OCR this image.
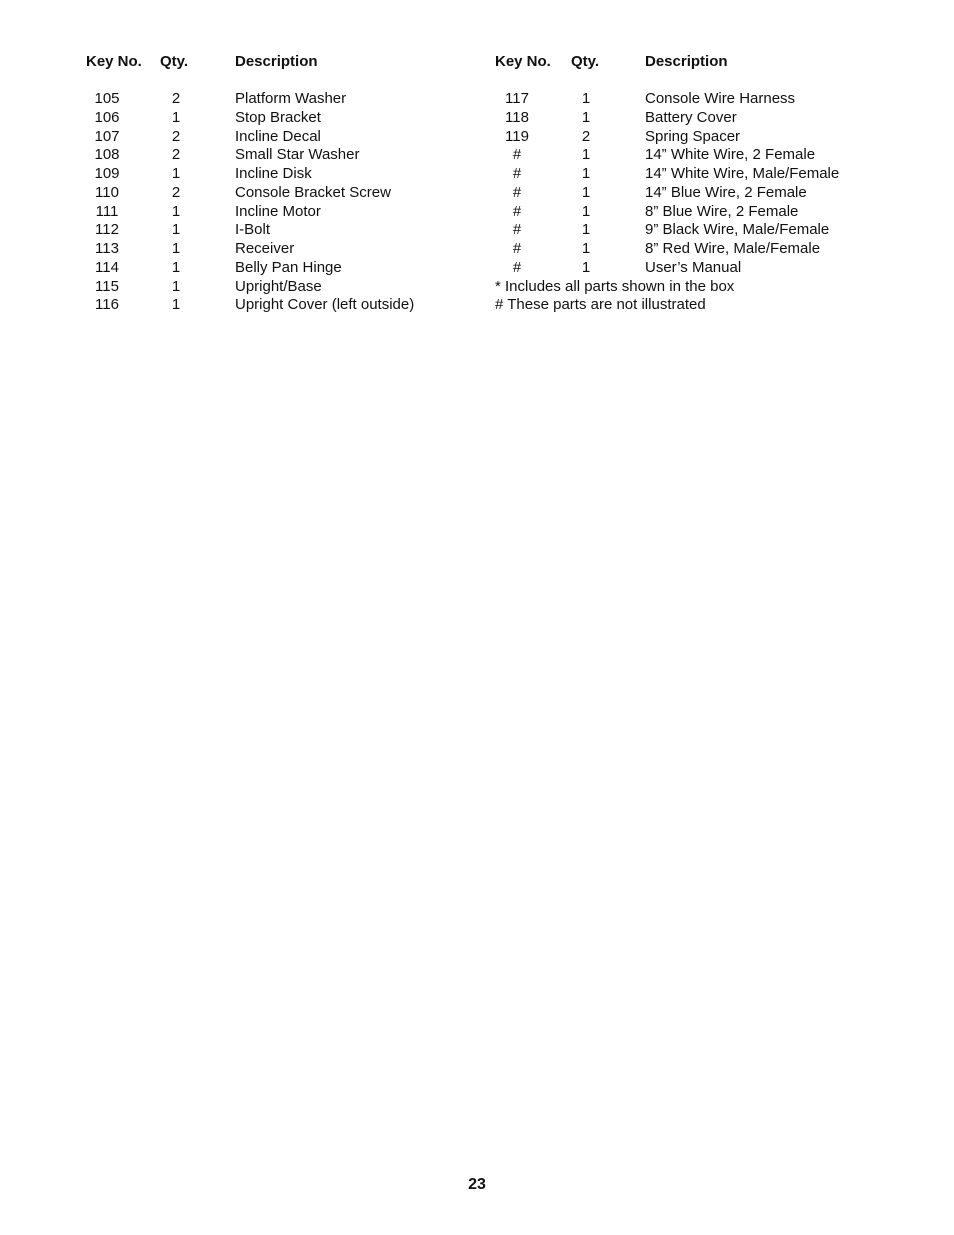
Key No. Qty.	Description
105	2	Platform Washer
106	1	Stop Bracket
107	2	Incline Decal
108	2	Small Star Washer
109	1	Incline Disk
110	2	Console Bracket Screw
111	1	Incline Motor
112	1	I-Bolt
113	1	Receiver
114	1	Belly Pan Hinge
115	1	Upright/Base
116	1	Upright Cover (left outside)
Key No. Qty.	Description
117	1	Console Wire Harness
118	1	Battery Cover
119	2	Spring Spacer
#	1	14” White Wire, 2 Female
#	1	14” White Wire, Male/Female
#	1	14” Blue Wire, 2 Female
#	1	8” Blue Wire, 2 Female
#	1	9” Black Wire, Male/Female
#	1	8” Red Wire, Male/Female
#	1	User’s Manual
* Includes all parts shown in the box
# These parts are not illustrated
23
